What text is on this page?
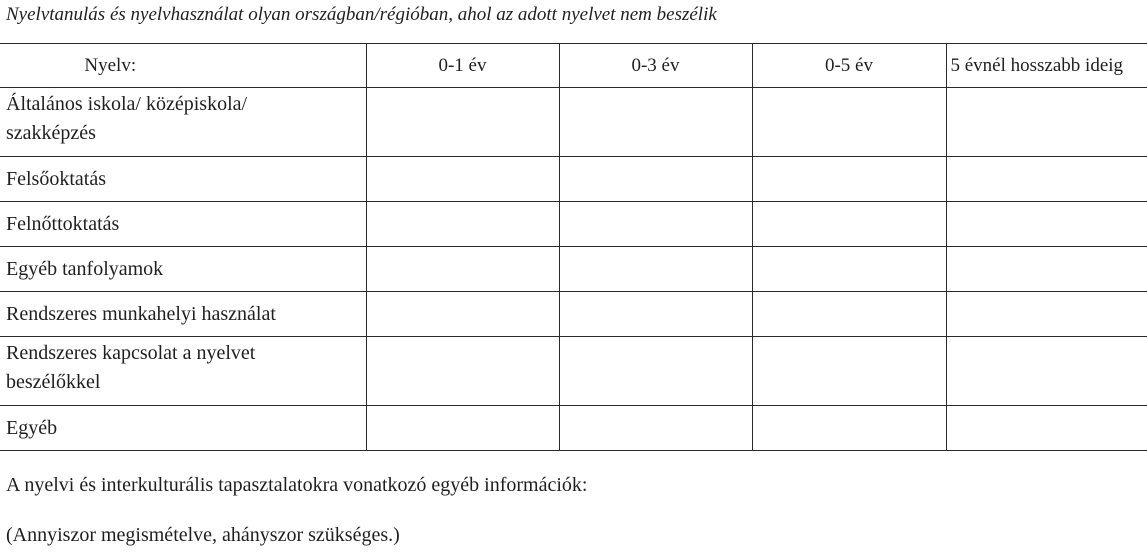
Nyelvtanulás és nyelvhasználat olyan országban/régióban, ahol az adott nyelvet nem beszélik
Nyelv:	0-1 év	0-3 év	0-5 év	5 évnél hosszabb ideig

Általános iskola/ középiskola/
szakképzés				

Felsőoktatás				
Felnőttoktatás				
Egyéb tanfolyamok				
Rendszeres munkahelyi használat				

Rendszeres kapcsolat a nyelvet
beszélőkkel				

Egyéb				
A nyelvi és interkulturális tapasztalatokra vonatkozó egyéb információk:
(Annyiszor megismételve, ahányszor szükséges.)
